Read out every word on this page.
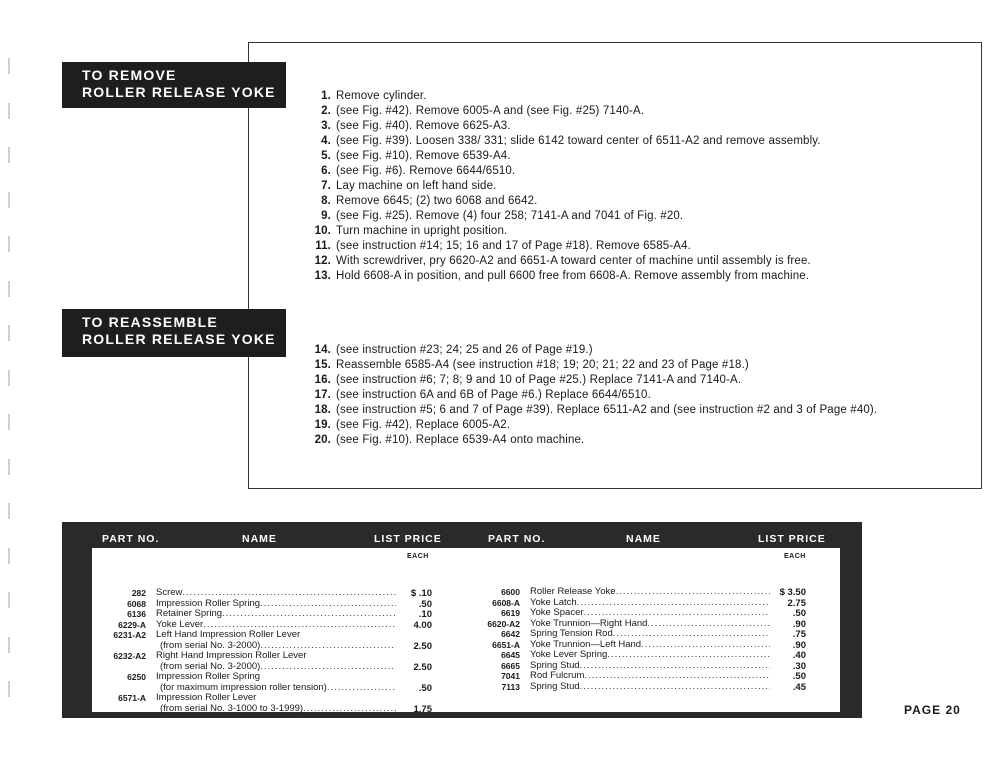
TO REMOVE
ROLLER RELEASE YOKE	1. Remove cylinder.
2. (see Fig. #42). Remove 6005-A and (see Fig. #25) 7140-A.
3. (see Fig. #40). Remove 6625-A3.
4. (see Fig. #39). Loosen 338/ 331; slide 6142 toward center of 6511-A2 and remove assembly.
5. (see Fig. #10). Remove 6539-A4.
6. (see Fig. #6). Remove 6644/6510.
7. Lay machine on left hand side.
8. Remove 6645; (2) two 6068 and 6642.
9. (see Fig. #25). Remove (4) four 258; 7141-A and 7041 of Fig. #20.
10. Turn machine in upright position.
11. (see instruction #14; 15; 16 and 17 of Page #18). Remove 6585-A4.
12. With screwdriver, pry 6620-A2 and 6651-A toward center of machine until assembly is free.
13. Hold 6608-A in position, and pull 6600 free from 6608-A. Remove assembly from machine.
TO REASSEMBLE
ROLLER RELEASE YOKE
14. (see instruction #23; 24; 25 and 26 of Page #19.)
15. Reassemble 6585-A4 (see instruction #18; 19; 20; 21; 22 and 23 of Page #18.)
16. (see instruction #6; 7; 8; 9 and 10 of Page #25.) Replace 7141-A and 7140-A.
17. (see instruction 6A and 6B of Page #6.) Replace 6644/6510.
18. (see instruction #5; 6 and 7 of Page #39). Replace 6511-A2 and (see instruction #2 and 3 of Page #40).
19. (see Fig. #42). Replace 6005-A2.
20. (see Fig. #10). Replace 6539-A4 onto machine.
PART NO.	NAME	LIST PRICE	PART NO.	NAME	LIST PRICE
EACH
282 Screw .....	$ .10
6068 Impression Roller Spring .....	.50
6136 Retainer Spring .....	.10
6229-A Yoke Lever .....	4.00
6231-A2 Left Hand Impression Roller Lever
(from serial No. 3-2000) .....	2.50
6232-A2 Right Hand Impression Roller Lever
(from serial No. 3-2000) .....	2.50
6250 Impression Roller Spring
(for maximum impression roller tension) .....	.50
6571-A Impression Roller Lever
(from serial No. 3-1000 to 3-1999) .....	1.75
EACH
6600 Roller Release Yoke .....	$ 3.50
6608-A Yoke Latch .....	2.75
6619 Yoke Spacer .....	.50
6620-A2 Yoke Trunnion—Right Hand .....	.90
6642 Spring Tension Rod .....	.75
6651-A Yoke Trunnion—Left Hand .....	.90
6645 Yoke Lever Spring .....	.40
6665 Spring Stud .....	.30
7041 Rod Fulcrum .....	.50
7113 Spring Stud .....	.45
PAGE 20
